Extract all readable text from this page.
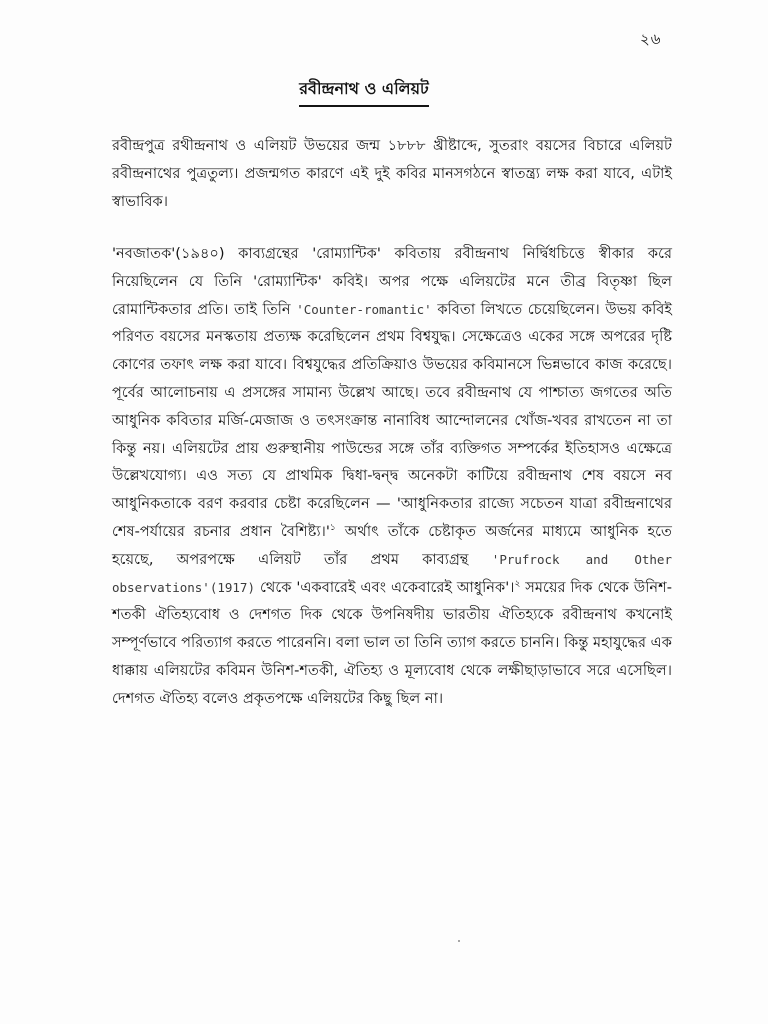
২৬
রবীন্দ্রনাথ ও এলিয়ট

রবীন্দ্রপুত্র রথীন্দ্রনাথ ও এলিয়ট উভয়ের জন্ম ১৮৮৮ খ্রীষ্টাব্দে, সুতরাং বয়সের বিচারে এলিয়ট রবীন্দ্রনাথের পুত্রতুল্য। প্রজন্মগত কারণে এই দুই কবির মানসগঠনে স্বাতন্ত্র্য লক্ষ করা যাবে, এটাই স্বাভাবিক।

'নবজাতক'(১৯৪০) কাব্যগ্রন্থের 'রোম্যান্টিক' কবিতায় রবীন্দ্রনাথ নির্দ্বিধচিত্তে স্বীকার করে নিয়েছিলেন যে তিনি 'রোম্যান্টিক' কবিই। অপর পক্ষে এলিয়টের মনে তীব্র বিতৃষ্ণা ছিল রোমান্টিকতার প্রতি। তাই তিনি 'Counter-romantic' কবিতা লিখতে চেয়েছিলেন। উভয় কবিই পরিণত বয়সের মনস্কতায় প্রত্যক্ষ করেছিলেন প্রথম বিশ্বযুদ্ধ। সেক্ষেত্রেও একের সঙ্গে অপরের দৃষ্টি কোণের তফাৎ লক্ষ করা যাবে। বিশ্বযুদ্ধের প্রতিক্রিয়াও উভয়ের কবিমানসে ভিন্নভাবে কাজ করেছে। পূর্বের আলোচনায় এ প্রসঙ্গের সামান্য উল্লেখ আছে। তবে রবীন্দ্রনাথ যে পাশ্চাত্য জগতের অতি আধুনিক কবিতার মর্জি-মেজাজ ও তৎসংক্রান্ত নানাবিধ আন্দোলনের খোঁজ-খবর রাখতেন না তা কিন্তু নয়। এলিয়টের প্রায় গুরুস্থানীয় পাউন্ডের সঙ্গে তাঁর ব্যক্তিগত সম্পর্কের ইতিহাসও এক্ষেত্রে উল্লেখযোগ্য। এও সত্য যে প্রাথমিক দ্বিধা-দ্বন্দ্ব অনেকটা কাটিয়ে রবীন্দ্রনাথ শেষ বয়সে নব আধুনিকতাকে বরণ করবার চেষ্টা করেছিলেন — 'আধুনিকতার রাজ্যে সচেতন যাত্রা রবীন্দ্রনাথের শেষ-পর্যায়ের রচনার প্রধান বৈশিষ্ট্য।'$^১$ অর্থাৎ তাঁকে চেষ্টাকৃত অর্জনের মাধ্যমে আধুনিক হতে হয়েছে, অপরপক্ষে এলিয়ট তাঁর প্রথম কাব্যগ্রন্থ 'Prufrock and Other observations'(1917) থেকে 'একবারেই এবং একেবারেই আধুনিক'।$^২$ সময়ের দিক থেকে উনিশ-শতকী ঐতিহ্যবোধ ও দেশগত দিক থেকে উপনিষদীয় ভারতীয় ঐতিহ্যকে রবীন্দ্রনাথ কখনোই সম্পূর্ণভাবে পরিত্যাগ করতে পারেননি। বলা ভাল তা তিনি ত্যাগ করতে চাননি। কিন্তু মহাযুদ্ধের এক ধাক্কায় এলিয়টের কবিমন উনিশ-শতকী, ঐতিহ্য ও মূল্যবোধ থেকে লক্ষীছাড়াভাবে সরে এসেছিল। দেশগত ঐতিহ্য বলেও প্রকৃতপক্ষে এলিয়টের কিছু ছিল না।
